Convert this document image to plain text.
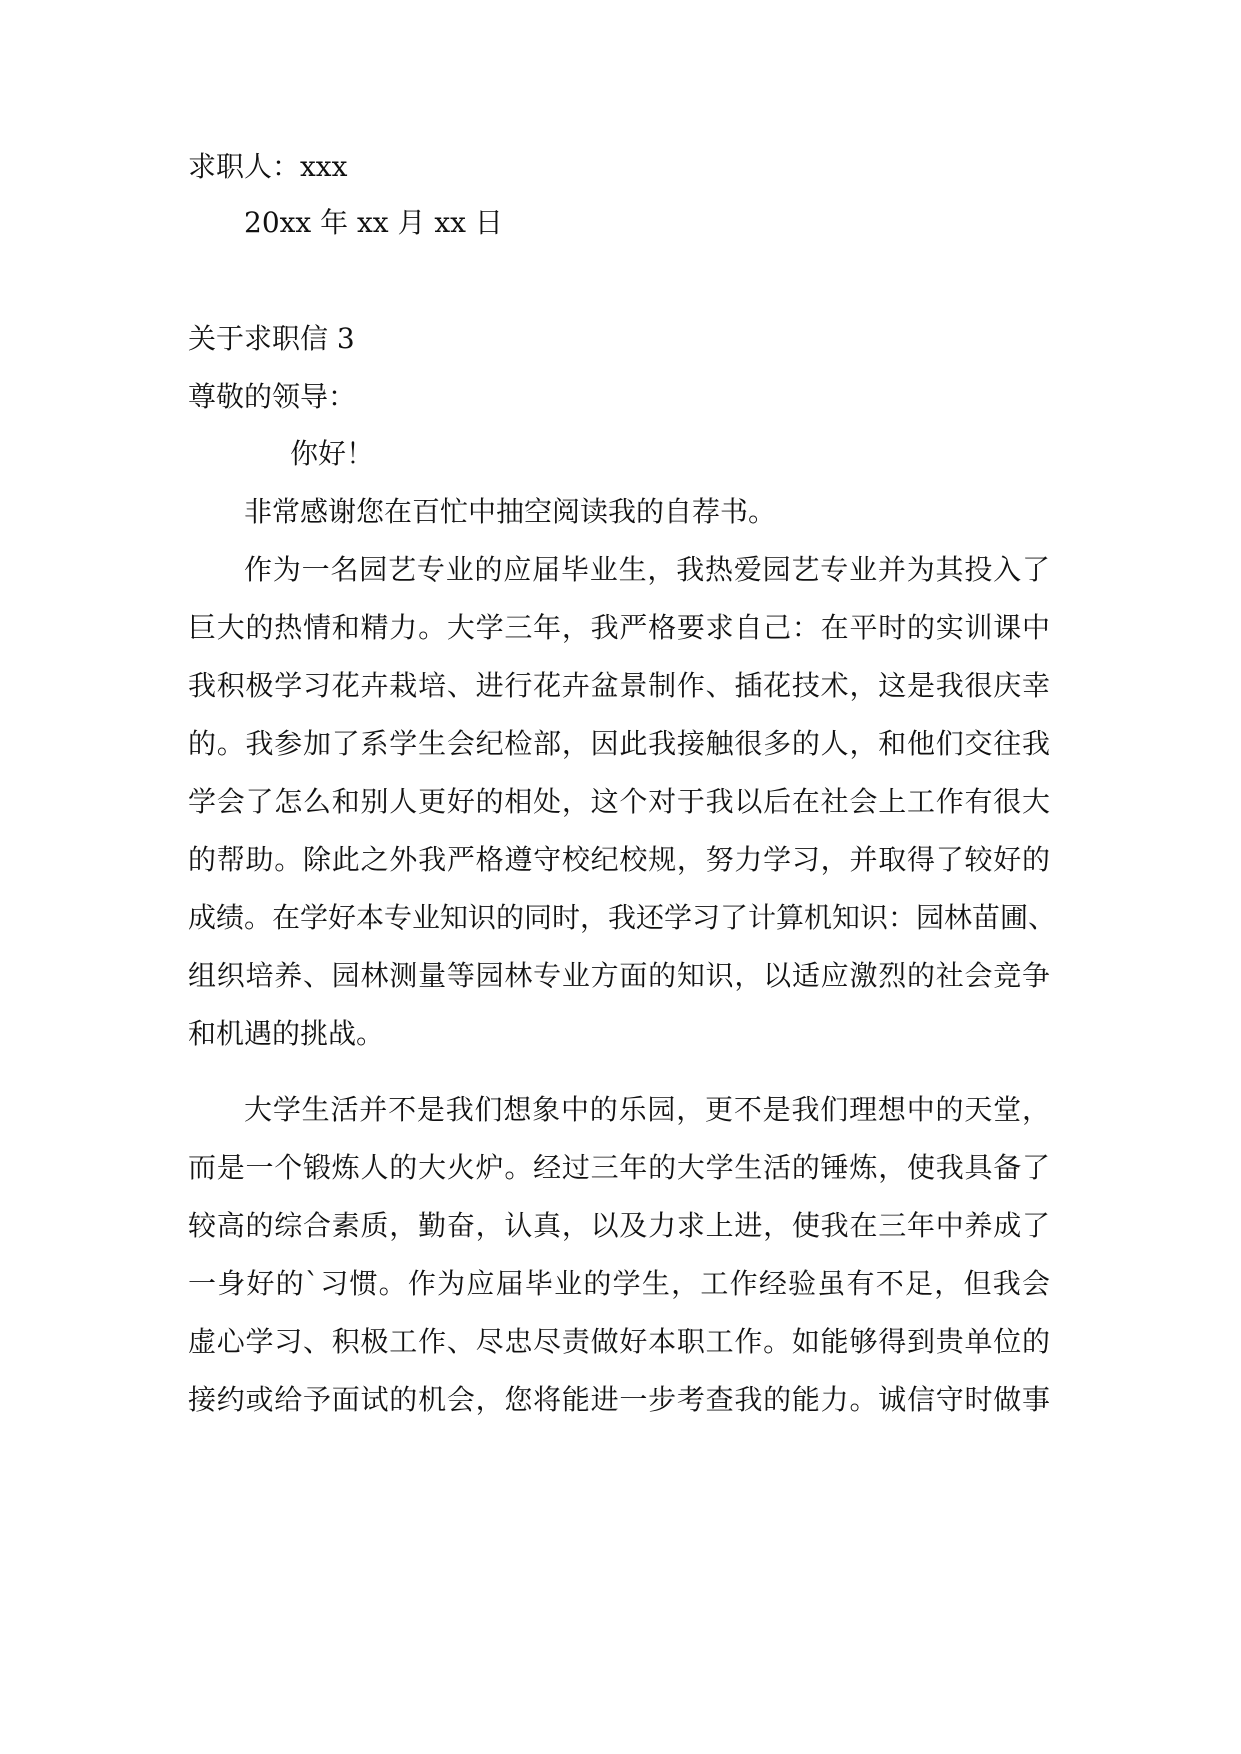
求职人：xxx
20xx 年 xx 月 xx 日
关于求职信 3
尊敬的领导：
你好！
非常感谢您在百忙中抽空阅读我的自荐书。
作为一名园艺专业的应届毕业生，我热爱园艺专业并为其投入了
巨大的热情和精力。大学三年，我严格要求自己：在平时的实训课中
我积极学习花卉栽培、进行花卉盆景制作、插花技术，这是我很庆幸
的。我参加了系学生会纪检部，因此我接触很多的人，和他们交往我
学会了怎么和别人更好的相处，这个对于我以后在社会上工作有很大
的帮助。除此之外我严格遵守校纪校规，努力学习，并取得了较好的
成绩。在学好本专业知识的同时，我还学习了计算机知识：园林苗圃、
组织培养、园林测量等园林专业方面的知识，以适应激烈的社会竞争
和机遇的挑战。
大学生活并不是我们想象中的乐园，更不是我们理想中的天堂，
而是一个锻炼人的大火炉。经过三年的大学生活的锤炼，使我具备了
较高的综合素质，勤奋，认真，以及力求上进，使我在三年中养成了
一身好的`习惯。作为应届毕业的学生，工作经验虽有不足，但我会
虚心学习、积极工作、尽忠尽责做好本职工作。如能够得到贵单位的
接约或给予面试的机会，您将能进一步考查我的能力。诚信守时做事
